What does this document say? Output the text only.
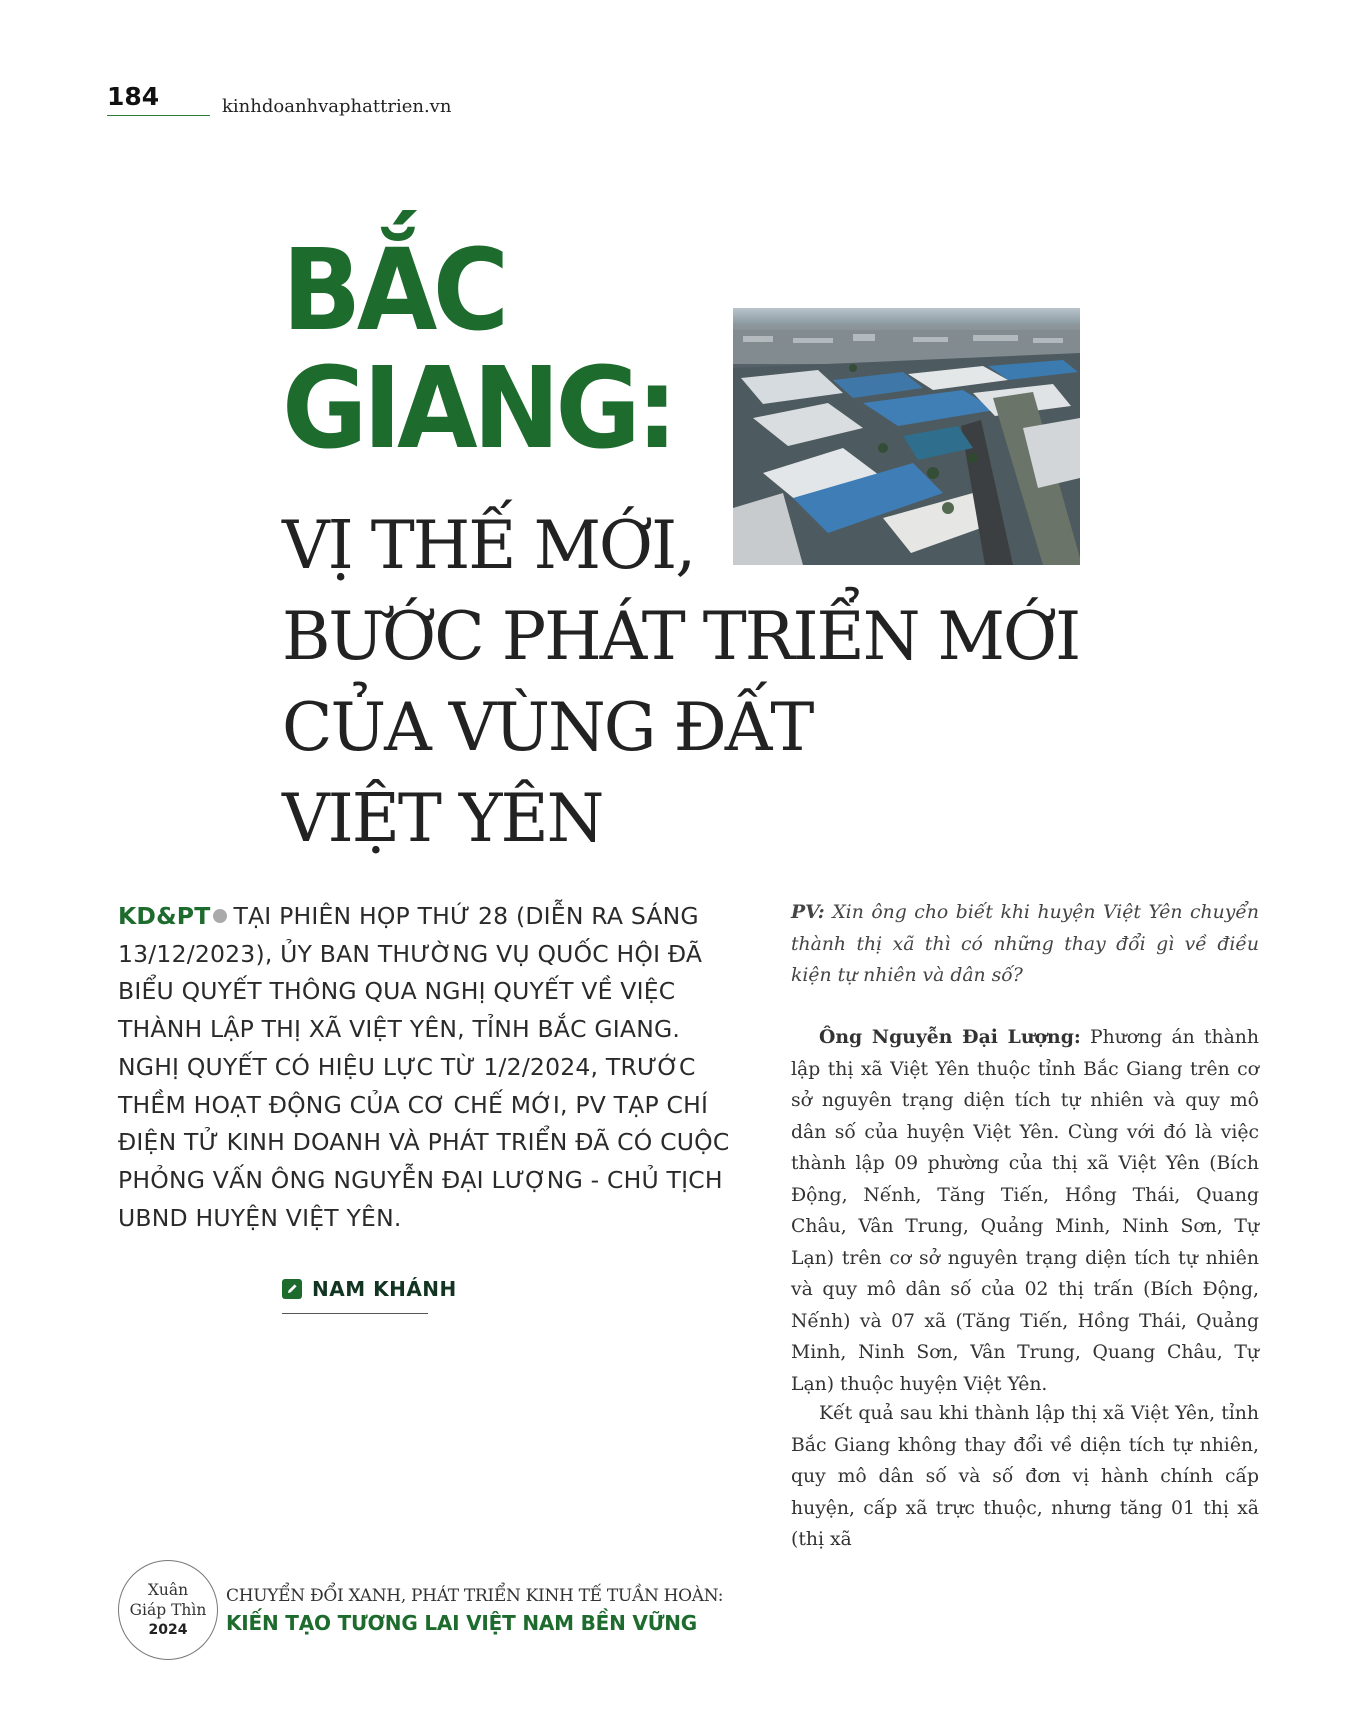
184	kinhdoanhvaphattrien.vn
BẮC
GIANG:
VỊ THẾ MỚI,
BƯỚC PHÁT TRIỂN MỚI
CỦA VÙNG ĐẤT
VIỆT YÊN
KD&PT TẠI PHIÊN HỌP THỨ 28 (DIỄN RA SÁNG 13/12/2023), ỦY BAN THƯỜNG VỤ QUỐC HỘI ĐÃ BIỂU QUYẾT THÔNG QUA NGHỊ QUYẾT VỀ VIỆC THÀNH LẬP THỊ XÃ VIỆT YÊN, TỈNH BẮC GIANG. NGHỊ QUYẾT CÓ HIỆU LỰC TỪ 1/2/2024, TRƯỚC THỀM HOẠT ĐỘNG CỦA CƠ CHẾ MỚI, PV TẠP CHÍ ĐIỆN TỬ KINH DOANH VÀ PHÁT TRIỂN ĐÃ CÓ CUỘC PHỎNG VẤN ÔNG NGUYỄN ĐẠI LƯỢNG - CHỦ TỊCH UBND HUYỆN VIỆT YÊN.
NAM KHÁNH
PV: Xin ông cho biết khi huyện Việt Yên chuyển thành thị xã thì có những thay đổi gì về điều kiện tự nhiên và dân số?
Ông Nguyễn Đại Lượng: Phương án thành lập thị xã Việt Yên thuộc tỉnh Bắc Giang trên cơ sở nguyên trạng diện tích tự nhiên và quy mô dân số của huyện Việt Yên. Cùng với đó là việc thành lập 09 phường của thị xã Việt Yên (Bích Động, Nếnh, Tăng Tiến, Hồng Thái, Quang Châu, Vân Trung, Quảng Minh, Ninh Sơn, Tự Lạn) trên cơ sở nguyên trạng diện tích tự nhiên và quy mô dân số của 02 thị trấn (Bích Động, Nếnh) và 07 xã (Tăng Tiến, Hồng Thái, Quảng Minh, Ninh Sơn, Vân Trung, Quang Châu, Tự Lạn) thuộc huyện Việt Yên.
Kết quả sau khi thành lập thị xã Việt Yên, tỉnh Bắc Giang không thay đổi về diện tích tự nhiên, quy mô dân số và số đơn vị hành chính cấp huyện, cấp xã trực thuộc, nhưng tăng 01 thị xã (thị xã
Xuân
Giáp Thìn
2024
CHUYỂN ĐỔI XANH, PHÁT TRIỂN KINH TẾ TUẦN HOÀN:
KIẾN TẠO TƯƠNG LAI VIỆT NAM BỀN VỮNG
